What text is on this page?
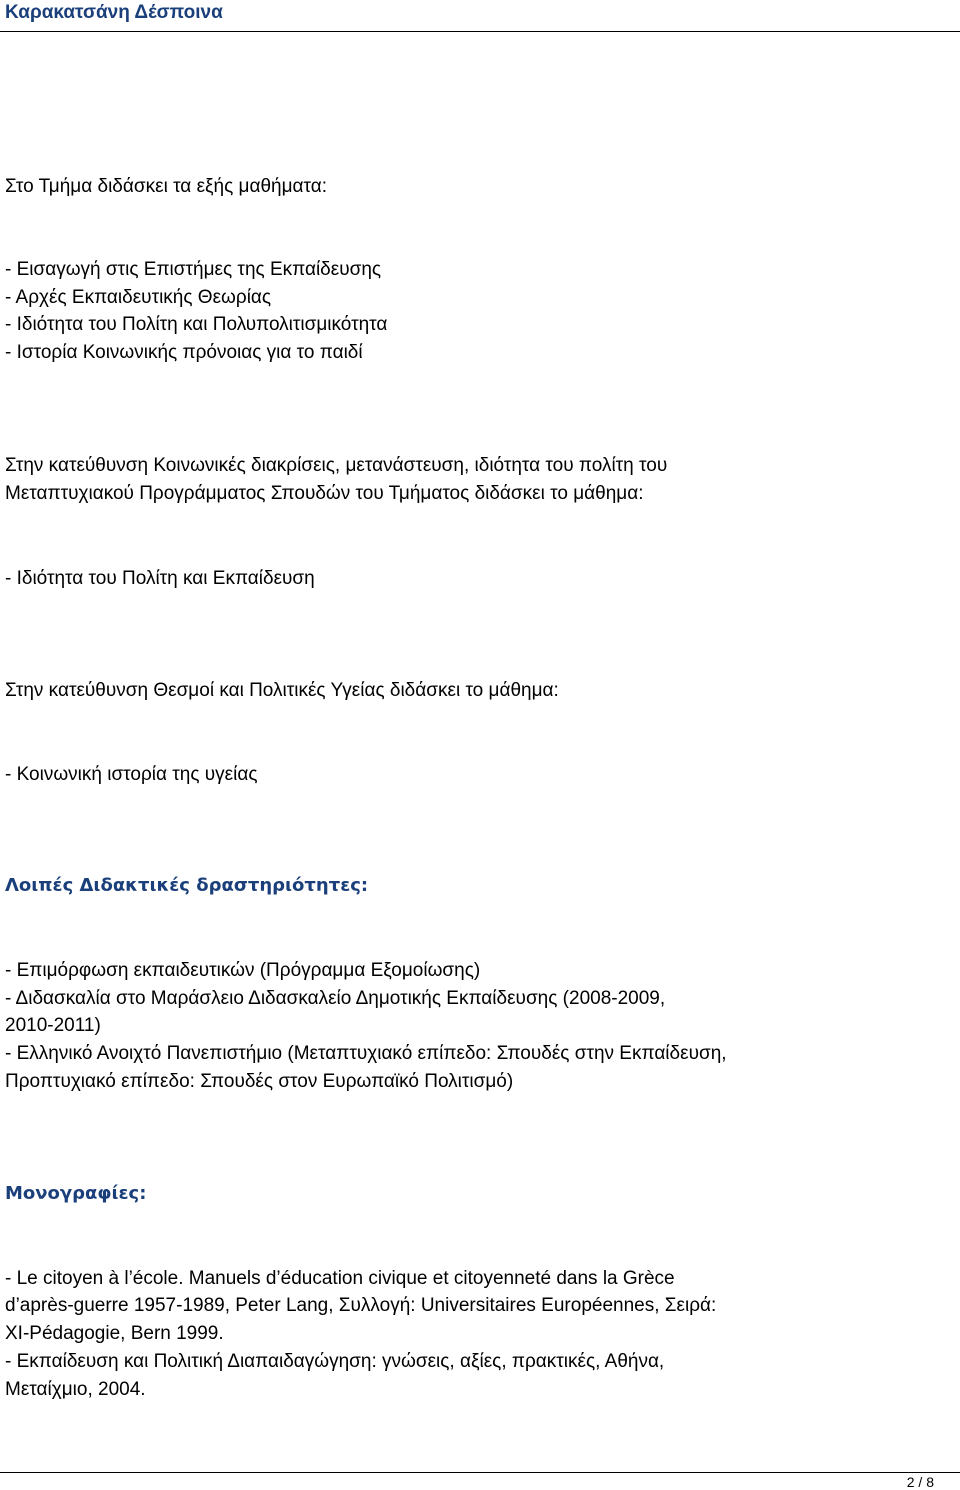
Καρακατσάνη Δέσποινα
Στο Τμήμα διδάσκει τα εξής μαθήματα:
- Εισαγωγή στις Επιστήμες της Εκπαίδευσης
- Αρχές Εκπαιδευτικής Θεωρίας
- Ιδιότητα του Πολίτη και Πολυπολιτισμικότητα
- Ιστορία Κοινωνικής πρόνοιας για το παιδί
Στην κατεύθυνση Κοινωνικές διακρίσεις, μετανάστευση, ιδιότητα του πολίτη του
Μεταπτυχιακού Προγράμματος Σπουδών του Τμήματος διδάσκει το μάθημα:
- Ιδιότητα του Πολίτη και Εκπαίδευση
Στην κατεύθυνση Θεσμοί και Πολιτικές Υγείας διδάσκει το μάθημα:
- Κοινωνική ιστορία της υγείας
Λοιπές Διδακτικές δραστηριότητες:
- Επιμόρφωση εκπαιδευτικών (Πρόγραμμα Εξομοίωσης)
- Διδασκαλία στο Μαράσλειο Διδασκαλείο Δημοτικής Εκπαίδευσης (2008-2009,
2010-2011)
- Ελληνικό Ανοιχτό Πανεπιστήμιο (Μεταπτυχιακό επίπεδο: Σπουδές στην Εκπαίδευση,
Προπτυχιακό επίπεδο: Σπουδές στον Ευρωπαϊκό Πολιτισμό)
Μονογραφίες:
- Le citoyen à l’école. Manuels d’éducation civique et citoyenneté dans la Grèce
d’après-guerre 1957-1989, Peter Lang, Συλλογή: Universitaires Européennes, Σειρά:
XI-Pédagogie, Bern 1999.
- Εκπαίδευση και Πολιτική Διαπαιδαγώγηση: γνώσεις, αξίες, πρακτικές, Αθήνα,
Μεταίχμιο, 2004.
2 / 8
